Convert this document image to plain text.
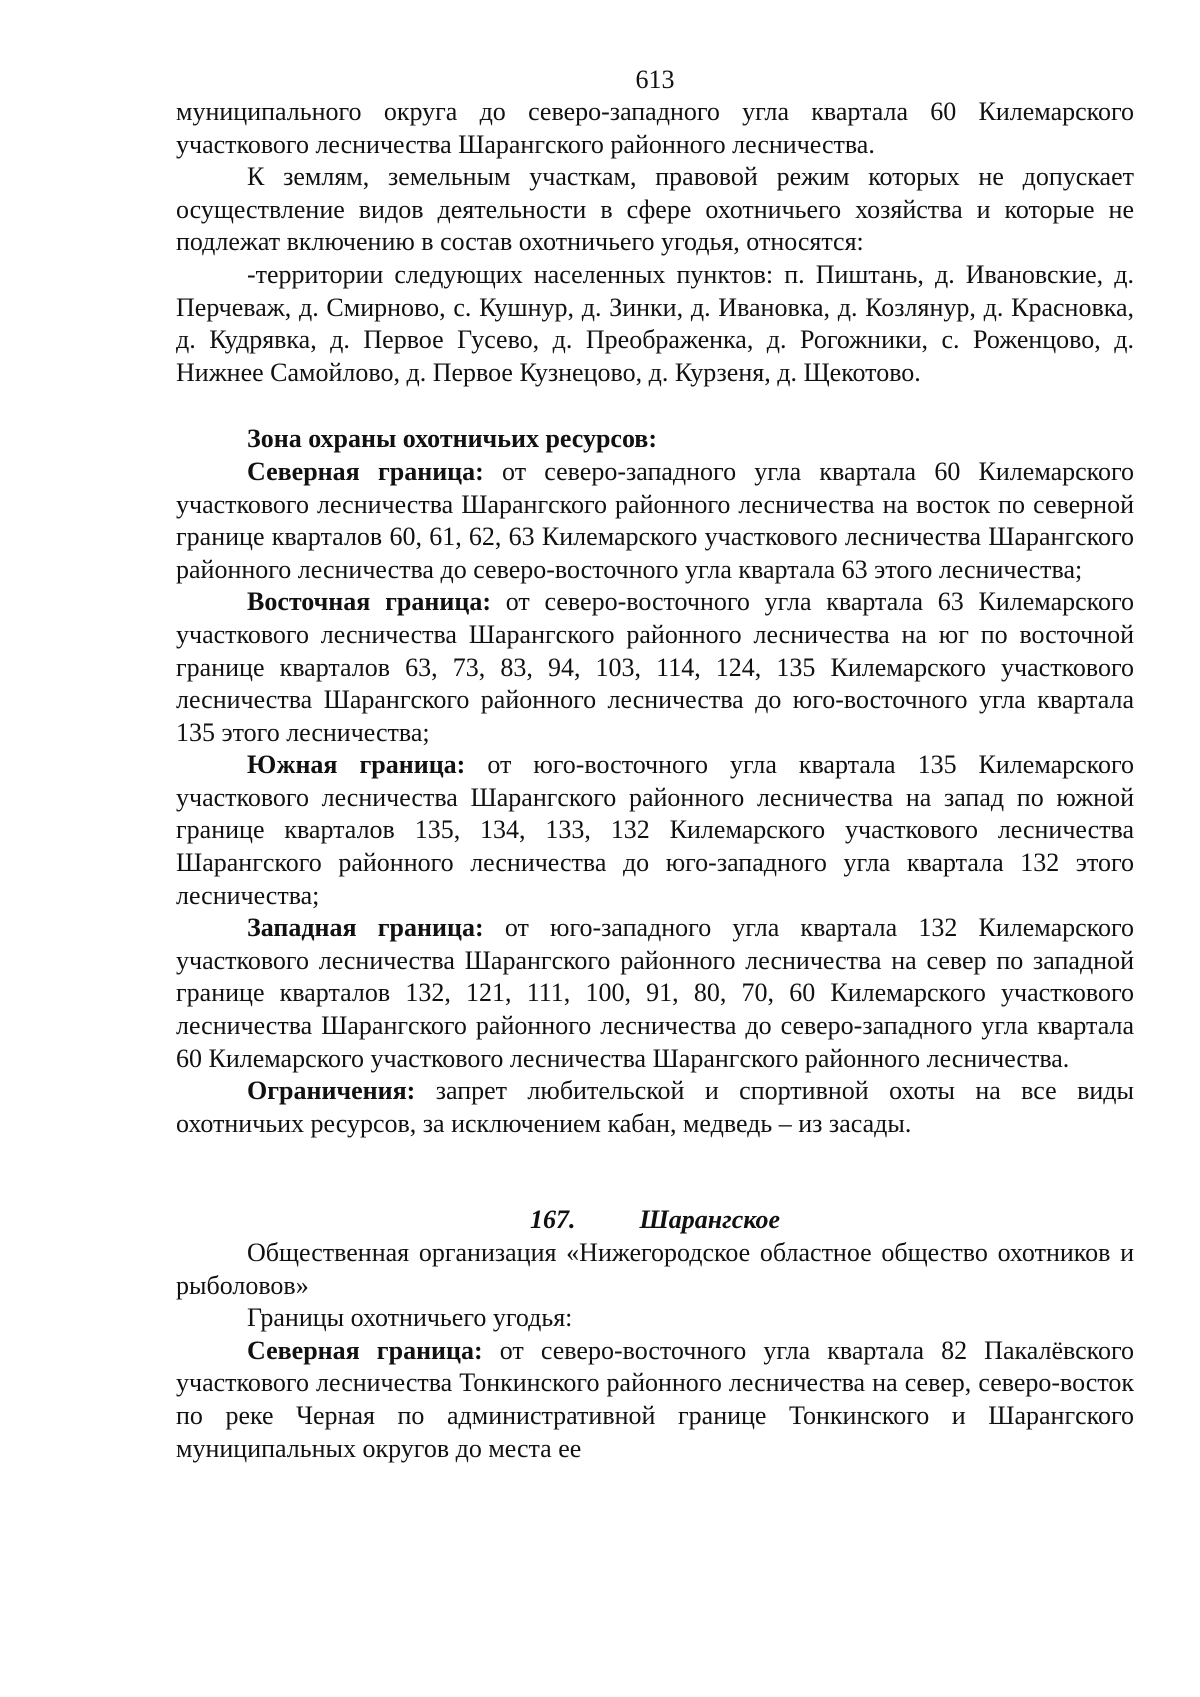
613

муниципального округа до северо-западного угла квартала 60 Килемарского участкового лесничества Шарангского районного лесничества.

К землям, земельным участкам, правовой режим которых не допускает осуществление видов деятельности в сфере охотничьего хозяйства и которые не подлежат включению в состав охотничьего угодья, относятся:

-территории следующих населенных пунктов: п. Пиштань, д. Ивановские, д. Перчеваж, д. Смирново, с. Кушнур, д. Зинки, д. Ивановка, д. Козлянур, д. Красновка, д. Кудрявка, д. Первое Гусево, д. Преображенка, д. Рогожники, с. Роженцово, д. Нижнее Самойлово, д. Первое Кузнецово, д. Курзеня, д. Щекотово.

Зона охраны охотничьих ресурсов:

Северная граница: от северо-западного угла квартала 60 Килемарского участкового лесничества Шарангского районного лесничества на восток по северной границе кварталов 60, 61, 62, 63 Килемарского участкового лесничества Шарангского районного лесничества до северо-восточного угла квартала 63 этого лесничества;

Восточная граница: от северо-восточного угла квартала 63 Килемарского участкового лесничества Шарангского районного лесничества на юг по восточной границе кварталов 63, 73, 83, 94, 103, 114, 124, 135 Килемарского участкового лесничества Шарангского районного лесничества до юго-восточного угла квартала 135 этого лесничества;

Южная граница: от юго-восточного угла квартала 135 Килемарского участкового лесничества Шарангского районного лесничества на запад по южной границе кварталов 135, 134, 133, 132 Килемарского участкового лесничества Шарангского районного лесничества до юго-западного угла квартала 132 этого лесничества;

Западная граница: от юго-западного угла квартала 132 Килемарского участкового лесничества Шарангского районного лесничества на север по западной границе кварталов 132, 121, 111, 100, 91, 80, 70, 60 Килемарского участкового лесничества Шарангского районного лесничества до северо-западного угла квартала 60 Килемарского участкового лесничества Шарангского районного лесничества.

Ограничения: запрет любительской и спортивной охоты на все виды охотничьих ресурсов, за исключением кабан, медведь – из засады.

167. Шарангское

Общественная организация «Нижегородское областное общество охотников и рыболовов»

Границы охотничьего угодья:

Северная граница: от северо-восточного угла квартала 82 Пакалёвского участкового лесничества Тонкинского районного лесничества на север, северо-восток по реке Черная по административной границе Тонкинского и Шарангского муниципальных округов до места ее
